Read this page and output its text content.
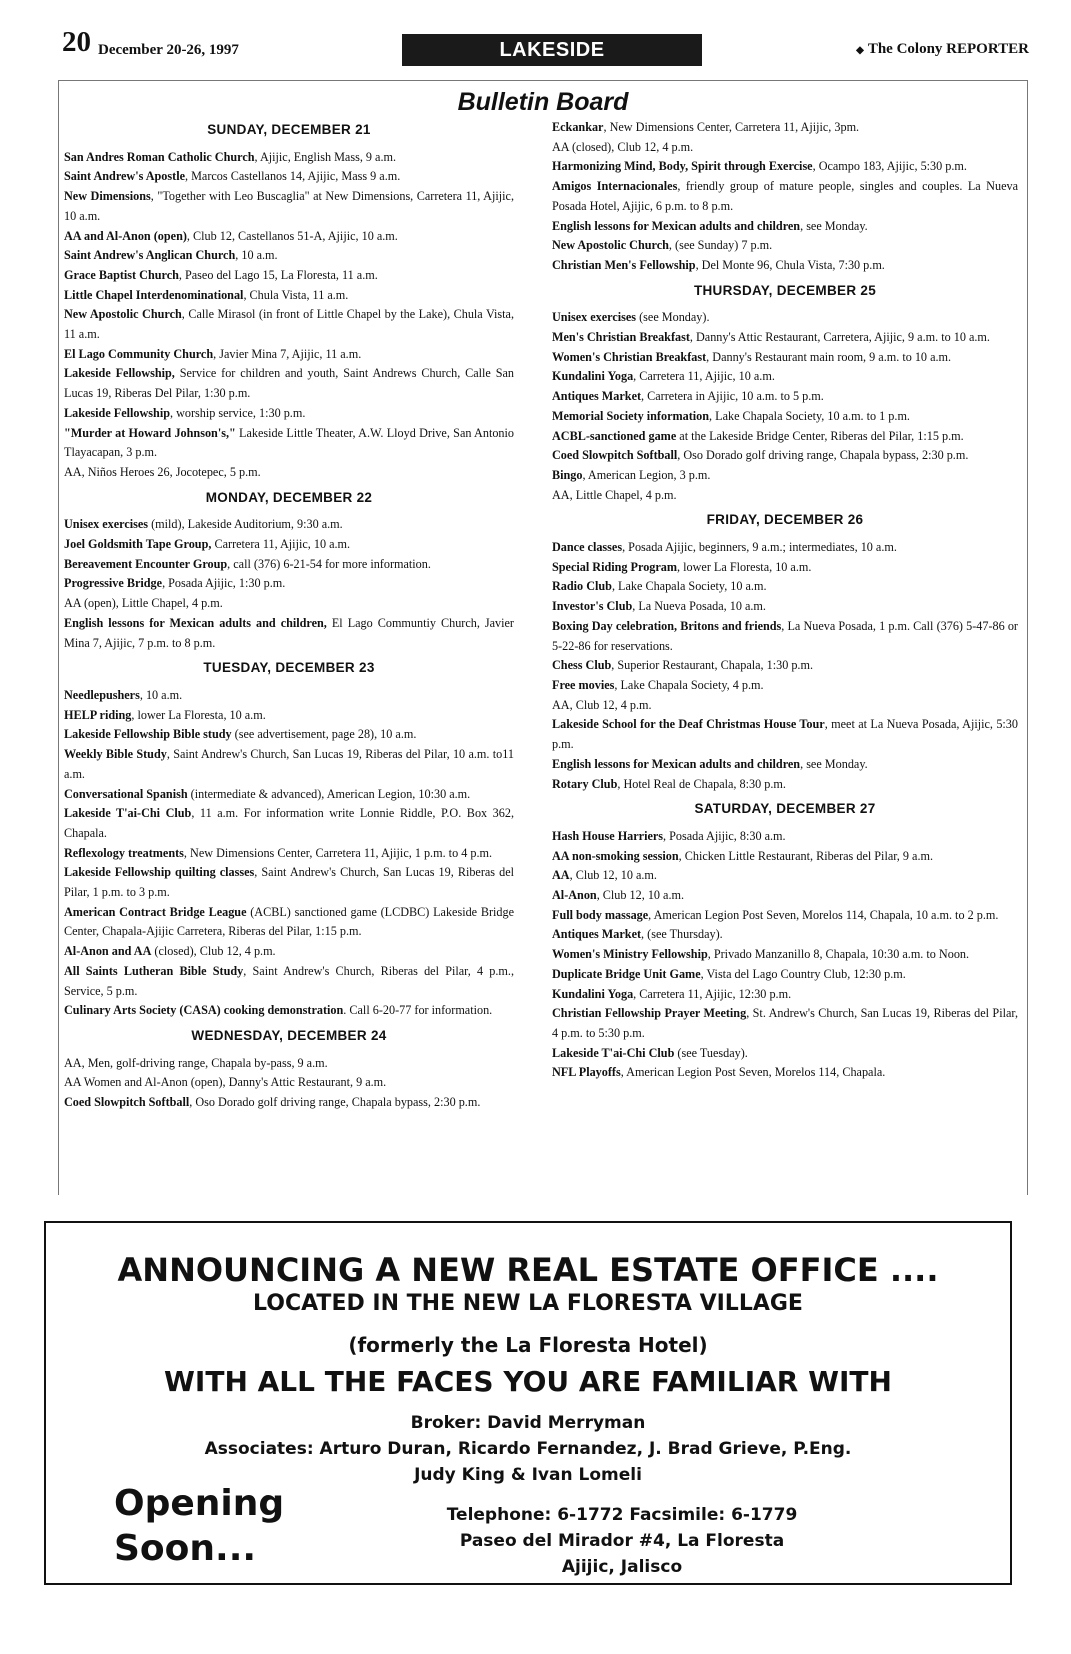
20 December 20-26, 1997	LAKESIDE	◆ The Colony REPORTER
Bulletin Board
SUNDAY, DECEMBER 21

San Andres Roman Catholic Church, Ajijic, English Mass, 9 a.m.

Saint Andrew's Apostle, Marcos Castellanos 14, Ajijic, Mass 9 a.m.

New Dimensions, "Together with Leo Buscaglia" at New Dimensions, Carretera 11, Ajijic, 10 a.m.

AA and Al-Anon (open), Club 12, Castellanos 51-A, Ajijic, 10 a.m.

Saint Andrew's Anglican Church, 10 a.m.

Grace Baptist Church, Paseo del Lago 15, La Floresta, 11 a.m.

Little Chapel Interdenominational, Chula Vista, 11 a.m.

New Apostolic Church, Calle Mirasol (in front of Little Chapel by the Lake), Chula Vista, 11 a.m.

El Lago Community Church, Javier Mina 7, Ajijic, 11 a.m.

Lakeside Fellowship, Service for children and youth, Saint Andrews Church, Calle San Lucas 19, Riberas Del Pilar, 1:30 p.m.

Lakeside Fellowship, worship service, 1:30 p.m.

"Murder at Howard Johnson's," Lakeside Little Theater, A.W. Lloyd Drive, San Antonio Tlayacapan, 3 p.m.

AA, Niños Heroes 26, Jocotepec, 5 p.m.

MONDAY, DECEMBER 22

Unisex exercises (mild), Lakeside Auditorium, 9:30 a.m.

Joel Goldsmith Tape Group, Carretera 11, Ajijic, 10 a.m.

Bereavement Encounter Group, call (376) 6-21-54 for more information.

Progressive Bridge, Posada Ajijic, 1:30 p.m.

AA (open), Little Chapel, 4 p.m.

English lessons for Mexican adults and children, El Lago Communtiy Church, Javier Mina 7, Ajijic, 7 p.m. to 8 p.m.

TUESDAY, DECEMBER 23

Needlepushers, 10 a.m.

HELP riding, lower La Floresta, 10 a.m.

Lakeside Fellowship Bible study (see advertisement, page 28), 10 a.m.

Weekly Bible Study, Saint Andrew's Church, San Lucas 19, Riberas del Pilar, 10 a.m. to11 a.m.

Conversational Spanish (intermediate & advanced), American Legion, 10:30 a.m.

Lakeside T'ai-Chi Club, 11 a.m. For information write Lonnie Riddle, P.O. Box 362, Chapala.

Reflexology treatments, New Dimensions Center, Carretera 11, Ajijic, 1 p.m. to 4 p.m.

Lakeside Fellowship quilting classes, Saint Andrew's Church, San Lucas 19, Riberas del Pilar, 1 p.m. to 3 p.m.

American Contract Bridge League (ACBL) sanctioned game (LCDBC) Lakeside Bridge Center, Chapala-Ajijic Carretera, Riberas del Pilar, 1:15 p.m.

Al-Anon and AA (closed), Club 12, 4 p.m.

All Saints Lutheran Bible Study, Saint Andrew's Church, Riberas del Pilar, 4 p.m., Service, 5 p.m.

Culinary Arts Society (CASA) cooking demonstration. Call 6-20-77 for information.

WEDNESDAY, DECEMBER 24

AA, Men, golf-driving range, Chapala by-pass, 9 a.m.

AA Women and Al-Anon (open), Danny's Attic Restaurant, 9 a.m.

Coed Slowpitch Softball, Oso Dorado golf driving range, Chapala bypass, 2:30 p.m.

Eckankar, New Dimensions Center, Carretera 11, Ajijic, 3pm.

AA (closed), Club 12, 4 p.m.

Harmonizing Mind, Body, Spirit through Exercise, Ocampo 183, Ajijic, 5:30 p.m.

Amigos Internacionales, friendly group of mature people, singles and couples. La Nueva Posada Hotel, Ajijic, 6 p.m. to 8 p.m.

English lessons for Mexican adults and children, see Monday.

New Apostolic Church, (see Sunday) 7 p.m.

Christian Men's Fellowship, Del Monte 96, Chula Vista, 7:30 p.m.

THURSDAY, DECEMBER 25

Unisex exercises (see Monday).

Men's Christian Breakfast, Danny's Attic Restaurant, Carretera, Ajijic, 9 a.m. to 10 a.m.

Women's Christian Breakfast, Danny's Restaurant main room, 9 a.m. to 10 a.m.

Kundalini Yoga, Carretera 11, Ajijic, 10 a.m.

Antiques Market, Carretera in Ajijic, 10 a.m. to 5 p.m.

Memorial Society information, Lake Chapala Society, 10 a.m. to 1 p.m.

ACBL-sanctioned game at the Lakeside Bridge Center, Riberas del Pilar, 1:15 p.m.

Coed Slowpitch Softball, Oso Dorado golf driving range, Chapala bypass, 2:30 p.m.

Bingo, American Legion, 3 p.m.

AA, Little Chapel, 4 p.m.

FRIDAY, DECEMBER 26

Dance classes, Posada Ajijic, beginners, 9 a.m.; intermediates, 10 a.m.

Special Riding Program, lower La Floresta, 10 a.m.

Radio Club, Lake Chapala Society, 10 a.m.

Investor's Club, La Nueva Posada, 10 a.m.

Boxing Day celebration, Britons and friends, La Nueva Posada, 1 p.m. Call (376) 5-47-86 or 5-22-86 for reservations.

Chess Club, Superior Restaurant, Chapala, 1:30 p.m.

Free movies, Lake Chapala Society, 4 p.m.

AA, Club 12, 4 p.m.

Lakeside School for the Deaf Christmas House Tour, meet at La Nueva Posada, Ajijic, 5:30 p.m.

English lessons for Mexican adults and children, see Monday.

Rotary Club, Hotel Real de Chapala, 8:30 p.m.

SATURDAY, DECEMBER 27

Hash House Harriers, Posada Ajijic, 8:30 a.m.

AA non-smoking session, Chicken Little Restaurant, Riberas del Pilar, 9 a.m.

AA, Club 12, 10 a.m.

Al-Anon, Club 12, 10 a.m.

Full body massage, American Legion Post Seven, Morelos 114, Chapala, 10 a.m. to 2 p.m.

Antiques Market, (see Thursday).

Women's Ministry Fellowship, Privado Manzanillo 8, Chapala, 10:30 a.m. to Noon.

Duplicate Bridge Unit Game, Vista del Lago Country Club, 12:30 p.m.

Kundalini Yoga, Carretera 11, Ajijic, 12:30 p.m.

Christian Fellowship Prayer Meeting, St. Andrew's Church, San Lucas 19, Riberas del Pilar, 4 p.m. to 5:30 p.m.

Lakeside T'ai-Chi Club (see Tuesday).

NFL Playoffs, American Legion Post Seven, Morelos 114, Chapala.

ANNOUNCING A NEW REAL ESTATE OFFICE ....
LOCATED IN THE NEW LA FLORESTA VILLAGE
(formerly the La Floresta Hotel)
WITH ALL THE FACES YOU ARE FAMILIAR WITH
Broker: David Merryman
Associates: Arturo Duran, Ricardo Fernandez, J. Brad Grieve, P.Eng.
Judy King & Ivan Lomeli
Opening
Soon...
Telephone: 6-1772 Facsimile: 6-1779
Paseo del Mirador #4, La Floresta
Ajijic, Jalisco
